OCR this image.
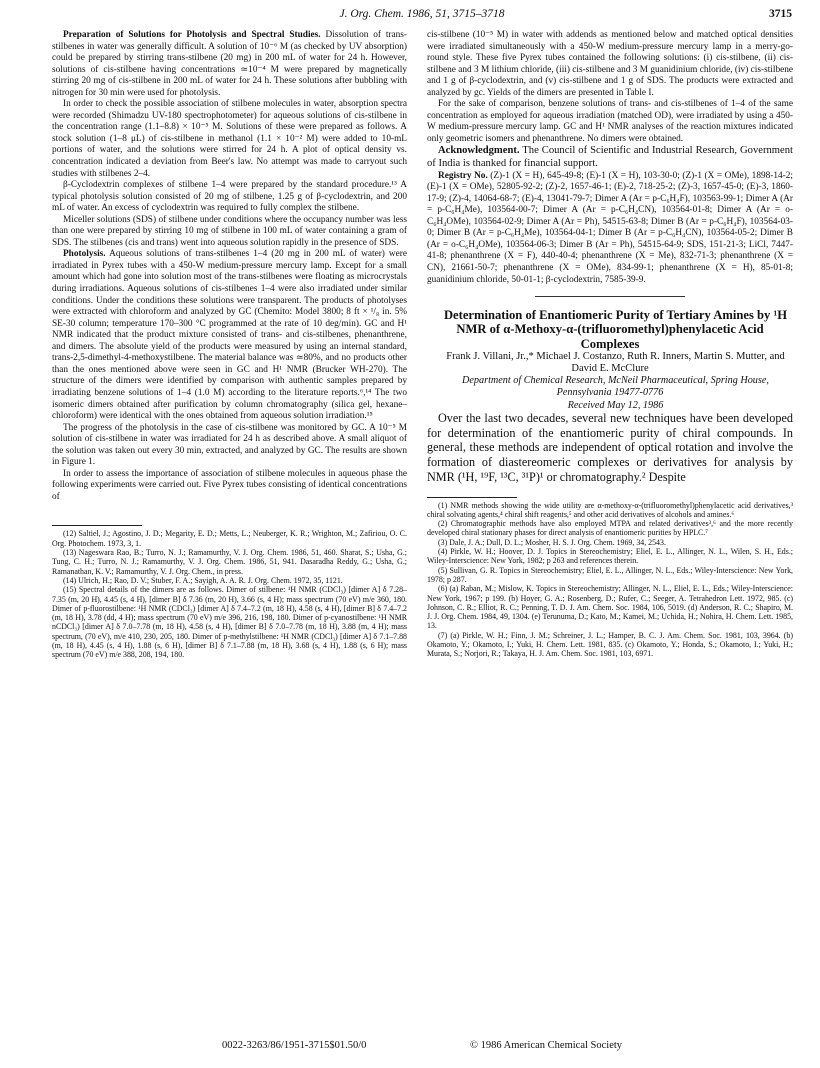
J. Org. Chem. 1986, 51, 3715–3718	3715

Preparation of Solutions for Photolysis and Spectral Studies. Dissolution of trans-stilbenes in water was generally difficult. A solution of 10⁻⁶ M (as checked by UV absorption) could be prepared by stirring trans-stilbene (20 mg) in 200 mL of water for 24 h. However, solutions of cis-stilbene having concentrations ≃10⁻⁴ M were prepared by magnetically stirring 20 mg of cis-stilbene in 200 mL of water for 24 h. These solutions after bubbling with nitrogen for 30 min were used for photolysis.

In order to check the possible association of stilbene molecules in water, absorption spectra were recorded (Shimadzu UV-180 spectrophotometer) for aqueous solutions of cis-stilbene in the concentration range (1.1–8.8) × 10⁻⁵ M. Solutions of these were prepared as follows. A stock solution (1–8 μL) of cis-stilbene in methanol (1.1 × 10⁻² M) were added to 10-mL portions of water, and the solutions were stirred for 24 h. A plot of optical density vs. concentration indicated a deviation from Beer's law. No attempt was made to carryout such studies with stilbenes 2–4.

β-Cyclodextrin complexes of stilbene 1–4 were prepared by the standard procedure.¹³ A typical photolysis solution consisted of 20 mg of stilbene, 1.25 g of β-cyclodextrin, and 200 mL of water. An excess of cyclodextrin was required to fully complex the stilbene.

Miceller solutions (SDS) of stilbene under conditions where the occupancy number was less than one were prepared by stirring 10 mg of stilbene in 100 mL of water containing a gram of SDS. The stilbenes (cis and trans) went into aqueous solution rapidly in the presence of SDS.

Photolysis. Aqueous solutions of trans-stilbenes 1–4 (20 mg in 200 mL of water) were irradiated in Pyrex tubes with a 450-W medium-pressure mercury lamp. Except for a small amount which had gone into solution most of the trans-stilbenes were floating as microcrystals during irradiations. Aqueous solutions of cis-stilbenes 1–4 were also irradiated under similar conditions. Under the conditions these solutions were transparent. The products of photolyses were extracted with chloroform and analyzed by GC (Chemito: Model 3800; 8 ft × ¹/₈ in. 5% SE-30 column; temperature 170–300 °C programmed at the rate of 10 deg/min). GC and H¹ NMR indicated that the product mixture consisted of trans- and cis-stilbenes, phenanthrene, and dimers. The absolute yield of the products were measured by using an internal standard, trans-2,5-dimethyl-4-methoxystilbene. The material balance was ≃80%, and no products other than the ones mentioned above were seen in GC and H¹ NMR (Brucker WH-270). The structure of the dimers were identified by comparison with authentic samples prepared by irradiating benzene solutions of 1–4 (1.0 M) according to the literature reports.⁶,¹⁴ The two isomeric dimers obtained after purification by column chromatography (silica gel, hexane–chloroform) were identical with the ones obtained from aqueous solution irradiation.¹⁵

The progress of the photolysis in the case of cis-stilbene was monitored by GC. A 10⁻⁵ M solution of cis-stilbene in water was irradiated for 24 h as described above. A small aliquot of the solution was taken out every 30 min, extracted, and analyzed by GC. The results are shown in Figure 1.

In order to assess the importance of association of stilbene molecules in aqueous phase the following experiments were carried out. Five Pyrex tubes consisting of identical concentrations of

(12) Saltiel, J.; Agostino, J. D.; Megarity, E. D.; Metts, L.; Neuberger, K. R.; Wrighton, M.; Zafiriou, O. C. Org. Photochem. 1973, 3, 1.

(13) Nageswara Rao, B.; Turro, N. J.; Ramamurthy, V. J. Org. Chem. 1986, 51, 460. Sharat, S.; Usha, G.; Tung, C. H.; Turro, N. J.; Ramamurthy, V. J. Org. Chem. 1986, 51, 941. Dasaradha Reddy, G.; Usha, G.; Ramanathan, K. V.; Ramamurthy, V. J. Org. Chem., in press.

(14) Ulrich, H.; Rao, D. V.; Stuber, F. A.; Sayigh, A. A. R. J. Org. Chem. 1972, 35, 1121.

(15) Spectral details of the dimers are as follows. Dimer of stilbene: ¹H NMR (CDCl₃) [dimer A] δ 7.28–7.35 (m, 20 H), 4.45 (s, 4 H), [dimer B] δ 7.36 (m, 20 H), 3.66 (s, 4 H); mass spectrum (70 eV) m/e 360, 180. Dimer of p-fluorostilbene: ¹H NMR (CDCl₃) [dimer A] δ 7.4–7.2 (m, 18 H), 4.58 (s, 4 H), [dimer B] δ 7.4–7.2 (m, 18 H), 3.78 (dd, 4 H); mass spectrum (70 eV) m/e 396, 216, 198, 180. Dimer of p-cyanostilbene: ¹H NMR nCDCl₃) [dimer A] δ 7.0–7.78 (m, 18 H), 4.58 (s, 4 H), [dimer B] δ 7.0–7.78 (m, 18 H), 3.88 (m, 4 H); mass spectrum, (70 eV), m/e 410, 230, 205, 180. Dimer of p-methylstilbene: ¹H NMR (CDCl₃) [dimer A] δ 7.1–7.88 (m, 18 H), 4.45 (s, 4 H), 1.88 (s, 6 H), [dimer B] δ 7.1–7.88 (m, 18 H), 3.68 (s, 4 H), 1.88 (s, 6 H); mass spectrum (70 eV) m/e 388, 208, 194, 180.

cis-stilbene (10⁻⁵ M) in water with addends as mentioned below and matched optical densities were irradiated simultaneously with a 450-W medium-pressure mercury lamp in a merry-go-round style. These five Pyrex tubes contained the following solutions: (i) cis-stilbene, (ii) cis-stilbene and 3 M lithium chloride, (iii) cis-stilbene and 3 M guanidinium chloride, (iv) cis-stilbene and 1 g of β-cyclodextrin, and (v) cis-stilbene and 1 g of SDS. The products were extracted and analyzed by gc. Yields of the dimers are presented in Table I.

For the sake of comparison, benzene solutions of trans- and cis-stilbenes of 1–4 of the same concentration as employed for aqueous irradiation (matched OD), were irradiated by using a 450-W medium-pressure mercury lamp. GC and H¹ NMR analyses of the reaction mixtures indicated only geometric isomers and phenanthrene. No dimers were obtained.

Acknowledgment. The Council of Scientific and Industrial Research, Government of India is thanked for financial support.

Registry No. (Z)-1 (X = H), 645-49-8; (E)-1 (X = H), 103-30-0; (Z)-1 (X = OMe), 1898-14-2; (E)-1 (X = OMe), 52805-92-2; (Z)-2, 1657-46-1; (E)-2, 718-25-2; (Z)-3, 1657-45-0; (E)-3, 1860-17-9; (Z)-4, 14064-68-7; (E)-4, 13041-79-7; Dimer A (Ar = p-C₆H₄F), 103563-99-1; Dimer A (Ar = p-C₆H₄Me), 103564-00-7; Dimer A (Ar = p-C₆H₄CN), 103564-01-8; Dimer A (Ar = o-C₆H₄OMe), 103564-02-9; Dimer A (Ar = Ph), 54515-63-8; Dimer B (Ar = p-C₆H₄F), 103564-03-0; Dimer B (Ar = p-C₆H₄Me), 103564-04-1; Dimer B (Ar = p-C₆H₄CN), 103564-05-2; Dimer B (Ar = o-C₆H₄OMe), 103564-06-3; Dimer B (Ar = Ph), 54515-64-9; SDS, 151-21-3; LiCl, 7447-41-8; phenanthrene (X = F), 440-40-4; phenanthrene (X = Me), 832-71-3; phenanthrene (X = CN), 21661-50-7; phenanthrene (X = OMe), 834-99-1; phenanthrene (X = H), 85-01-8; guanidinium chloride, 50-01-1; β-cyclodextrin, 7585-39-9.

Determination of Enantiomeric Purity of Tertiary Amines by ¹H NMR of α-Methoxy-α-(trifluoromethyl)phenylacetic Acid Complexes

Frank J. Villani, Jr.,* Michael J. Costanzo, Ruth R. Inners, Martin S. Mutter, and David E. McClure

Department of Chemical Research, McNeil Pharmaceutical, Spring House, Pennsylvania 19477-0776

Received May 12, 1986

Over the last two decades, several new techniques have been developed for determination of the enantiomeric purity of chiral compounds. In general, these methods are independent of optical rotation and involve the formation of diastereomeric complexes or derivatives for analysis by NMR (¹H, ¹⁹F, ¹³C, ³¹P)¹ or chromatography.² Despite

(1) NMR methods showing the wide utility are α-methoxy-α-(trifluoromethyl)phenylacetic acid derivatives,³ chiral solvating agents,⁴ chiral shift reagents,⁵ and other acid derivatives of alcohols and amines.⁶

(2) Chromatographic methods have also employed MTPA and related derivatives³,⁶ and the more recently developed chiral stationary phases for direct analysis of enantiomeric purities by HPLC.⁷

(3) Dale, J. A.; Dull, D. L.; Mosher, H. S. J. Org. Chem. 1969, 34, 2543.

(4) Pirkle, W. H.; Hoover, D. J. Topics in Stereochemistry; Eliel, E. L., Allinger, N. L., Wilen, S. H., Eds.; Wiley-Interscience: New York, 1982; p 263 and references therein.

(5) Sullivan, G. R. Topics in Stereochemistry; Eliel, E. L., Allinger, N. L., Eds.; Wiley-Interscience: New York, 1978; p 287.

(6) (a) Raban, M.; Mislow, K. Topics in Stereochemistry; Allinger, N. L., Eliel, E. L., Eds.; Wiley-Interscience: New York, 1967; p 199. (b) Hoyer, G. A.; Rosenberg, D.; Rufer, C.; Seeger, A. Tetrahedron Lett. 1972, 985. (c) Johnson, C. R.; Elliot, R. C.; Penning, T. D. J. Am. Chem. Soc. 1984, 106, 5019. (d) Anderson, R. C.; Shapiro, M. J. J. Org. Chem. 1984, 49, 1304. (e) Terunuma, D.; Kato, M.; Kamei, M.; Uchida, H.; Nohira, H. Chem. Lett. 1985, 13.

(7) (a) Pirkle, W. H.; Finn, J. M.; Schreiner, J. L.; Hamper, B. C. J. Am. Chem. Soc. 1981, 103, 3964. (b) Okamoto, Y.; Okamoto, I.; Yuki, H. Chem. Lett. 1981, 835. (c) Okamoto, Y.; Honda, S.; Okamoto, I.; Yuki, H.; Murata, S.; Norjori, R.; Takaya, H. J. Am. Chem. Soc. 1981, 103, 6971.

0022-3263/86/1951-3715$01.50/0	© 1986 American Chemical Society
